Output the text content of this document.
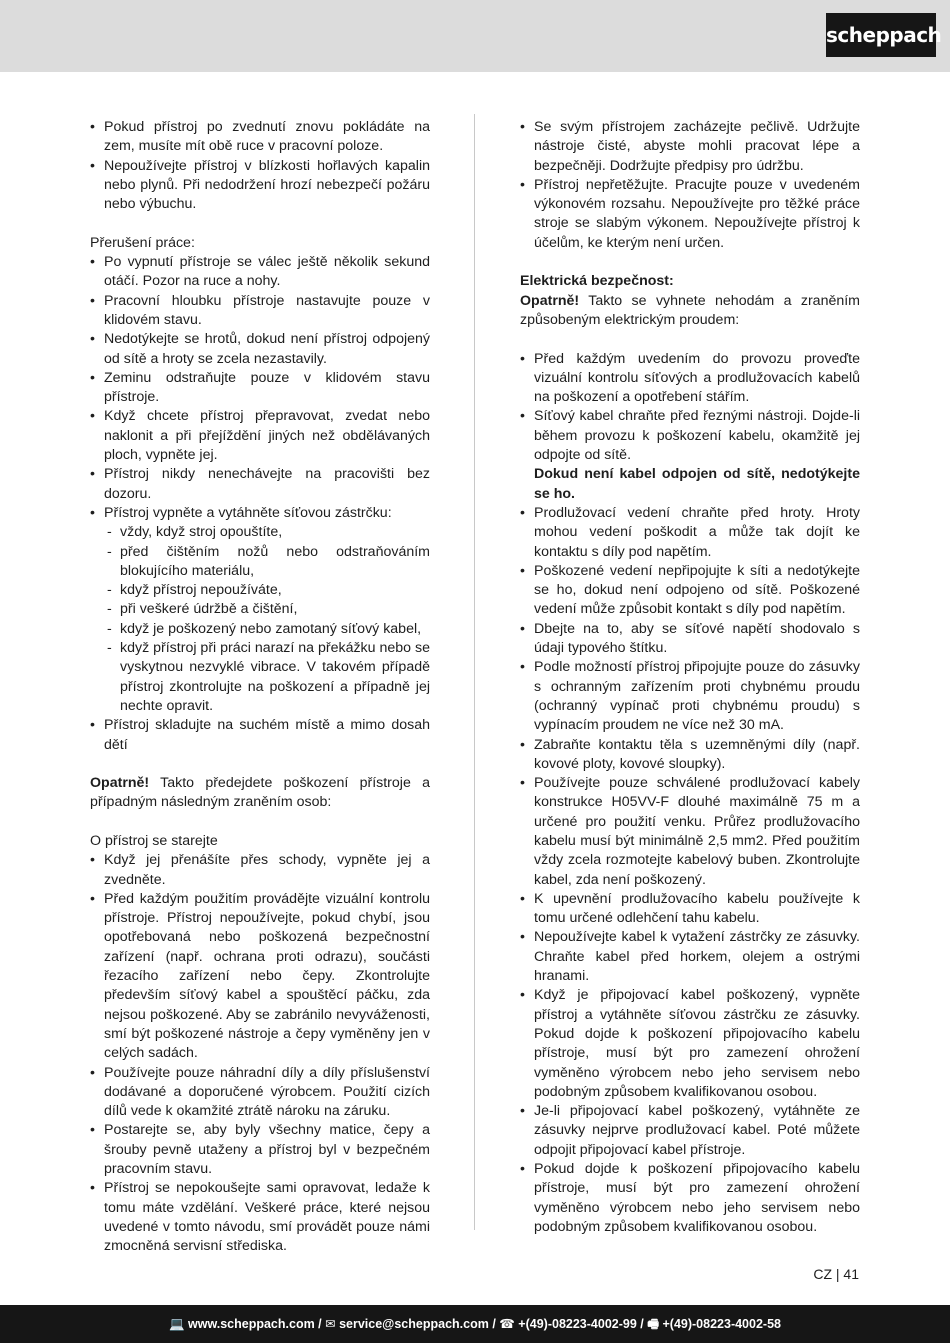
scheppach
• Pokud přístroj po zvednutí znovu pokládáte na zem, musíte mít obě ruce v pracovní poloze.
• Nepoužívejte přístroj v blízkosti hořlavých kapalin nebo plynů. Při nedodržení hrozí nebezpečí požáru nebo výbuchu.
Přerušení práce:
• Po vypnutí přístroje se válec ještě několik sekund otáčí. Pozor na ruce a nohy.
• Pracovní hloubku přístroje nastavujte pouze v klidovém stavu.
• Nedotýkejte se hrotů, dokud není přístroj odpojený od sítě a hroty se zcela nezastavily.
• Zeminu odstraňujte pouze v klidovém stavu přístroje.
• Když chcete přístroj přepravovat, zvedat nebo naklonit a při přejíždění jiných než obdělávaných ploch, vypněte jej.
• Přístroj nikdy nenechávejte na pracovišti bez dozoru.
• Přístroj vypněte a vytáhněte síťovou zástrčku:
- vždy, když stroj opouštíte,
- před čištěním nožů nebo odstraňováním blokujícího materiálu,
- když přístroj nepoužíváte,
- při veškeré údržbě a čištění,
- když je poškozený nebo zamotaný síťový kabel,
- když přístroj při práci narazí na překážku nebo se vyskytnou nezvyklé vibrace. V takovém případě přístroj zkontrolujte na poškození a případně jej nechte opravit.
• Přístroj skladujte na suchém místě a mimo dosah dětí
Opatrně! Takto předejdete poškození přístroje a případným následným zraněním osob:
O přístroj se starejte
• Když jej přenášíte přes schody, vypněte jej a zvedněte.
• Před každým použitím provádějte vizuální kontrolu přístroje. Přístroj nepoužívejte, pokud chybí, jsou opotřebovaná nebo poškozená bezpečnostní zařízení (např. ochrana proti odrazu), součásti řezacího zařízení nebo čepy. Zkontrolujte především síťový kabel a spouštěcí páčku, zda nejsou poškozené. Aby se zabránilo nevyváženosti, smí být poškozené nástroje a čepy vyměněny jen v celých sadách.
• Používejte pouze náhradní díly a díly příslušenství dodávané a doporučené výrobcem. Použití cizích dílů vede k okamžité ztrátě nároku na záruku.
• Postarejte se, aby byly všechny matice, čepy a šrouby pevně utaženy a přístroj byl v bezpečném pracovním stavu.
• Přístroj se nepokoušejte sami opravovat, ledaže k tomu máte vzdělání. Veškeré práce, které nejsou uvedené v tomto návodu, smí provádět pouze námi zmocněná servisní střediska.
• Se svým přístrojem zacházejte pečlivě. Udržujte nástroje čisté, abyste mohli pracovat lépe a bezpečněji. Dodržujte předpisy pro údržbu.
• Přístroj nepřetěžujte. Pracujte pouze v uvedeném výkonovém rozsahu. Nepoužívejte pro těžké práce stroje se slabým výkonem. Nepoužívejte přístroj k účelům, ke kterým není určen.
Elektrická bezpečnost:
Opatrně! Takto se vyhnete nehodám a zraněním způsobeným elektrickým proudem:
• Před každým uvedením do provozu proveďte vizuální kontrolu síťových a prodlužovacích kabelů na poškození a opotřebení stářím.
• Síťový kabel chraňte před řeznými nástroji. Dojde-li během provozu k poškození kabelu, okamžitě jej odpojte od sítě.
Dokud není kabel odpojen od sítě, nedotýkejte se ho.
• Prodlužovací vedení chraňte před hroty. Hroty mohou vedení poškodit a může tak dojít ke kontaktu s díly pod napětím.
• Poškozené vedení nepřipojujte k síti a nedotýkejte se ho, dokud není odpojeno od sítě. Poškozené vedení může způsobit kontakt s díly pod napětím.
• Dbejte na to, aby se síťové napětí shodovalo s údaji typového štítku.
• Podle možností přístroj připojujte pouze do zásuvky s ochranným zařízením proti chybnému proudu (ochranný vypínač proti chybnému proudu) s vypínacím proudem ne více než 30 mA.
• Zabraňte kontaktu těla s uzemněnými díly (např. kovové ploty, kovové sloupky).
• Používejte pouze schválené prodlužovací kabely konstrukce H05VV-F dlouhé maximálně 75 m a určené pro použití venku. Průřez prodlužovacího kabelu musí být minimálně 2,5 mm2. Před použitím vždy zcela rozmotejte kabelový buben. Zkontrolujte kabel, zda není poškozený.
• K upevnění prodlužovacího kabelu používejte k tomu určené odlehčení tahu kabelu.
• Nepoužívejte kabel k vytažení zástrčky ze zásuvky. Chraňte kabel před horkem, olejem a ostrými hranami.
• Když je připojovací kabel poškozený, vypněte přístroj a vytáhněte síťovou zástrčku ze zásuvky. Pokud dojde k poškození připojovacího kabelu přístroje, musí být pro zamezení ohrožení vyměněno výrobcem nebo jeho servisem nebo podobným způsobem kvalifikovanou osobou.
• Je-li připojovací kabel poškozený, vytáhněte ze zásuvky nejprve prodlužovací kabel. Poté můžete odpojit připojovací kabel přístroje.
• Pokud dojde k poškození připojovacího kabelu přístroje, musí být pro zamezení ohrožení vyměněno výrobcem nebo jeho servisem nebo podobným způsobem kvalifikovanou osobou.
CZ | 41
💻 www.scheppach.com / ✉ service@scheppach.com / ☎ +(49)-08223-4002-99 / 🖷 +(49)-08223-4002-58
